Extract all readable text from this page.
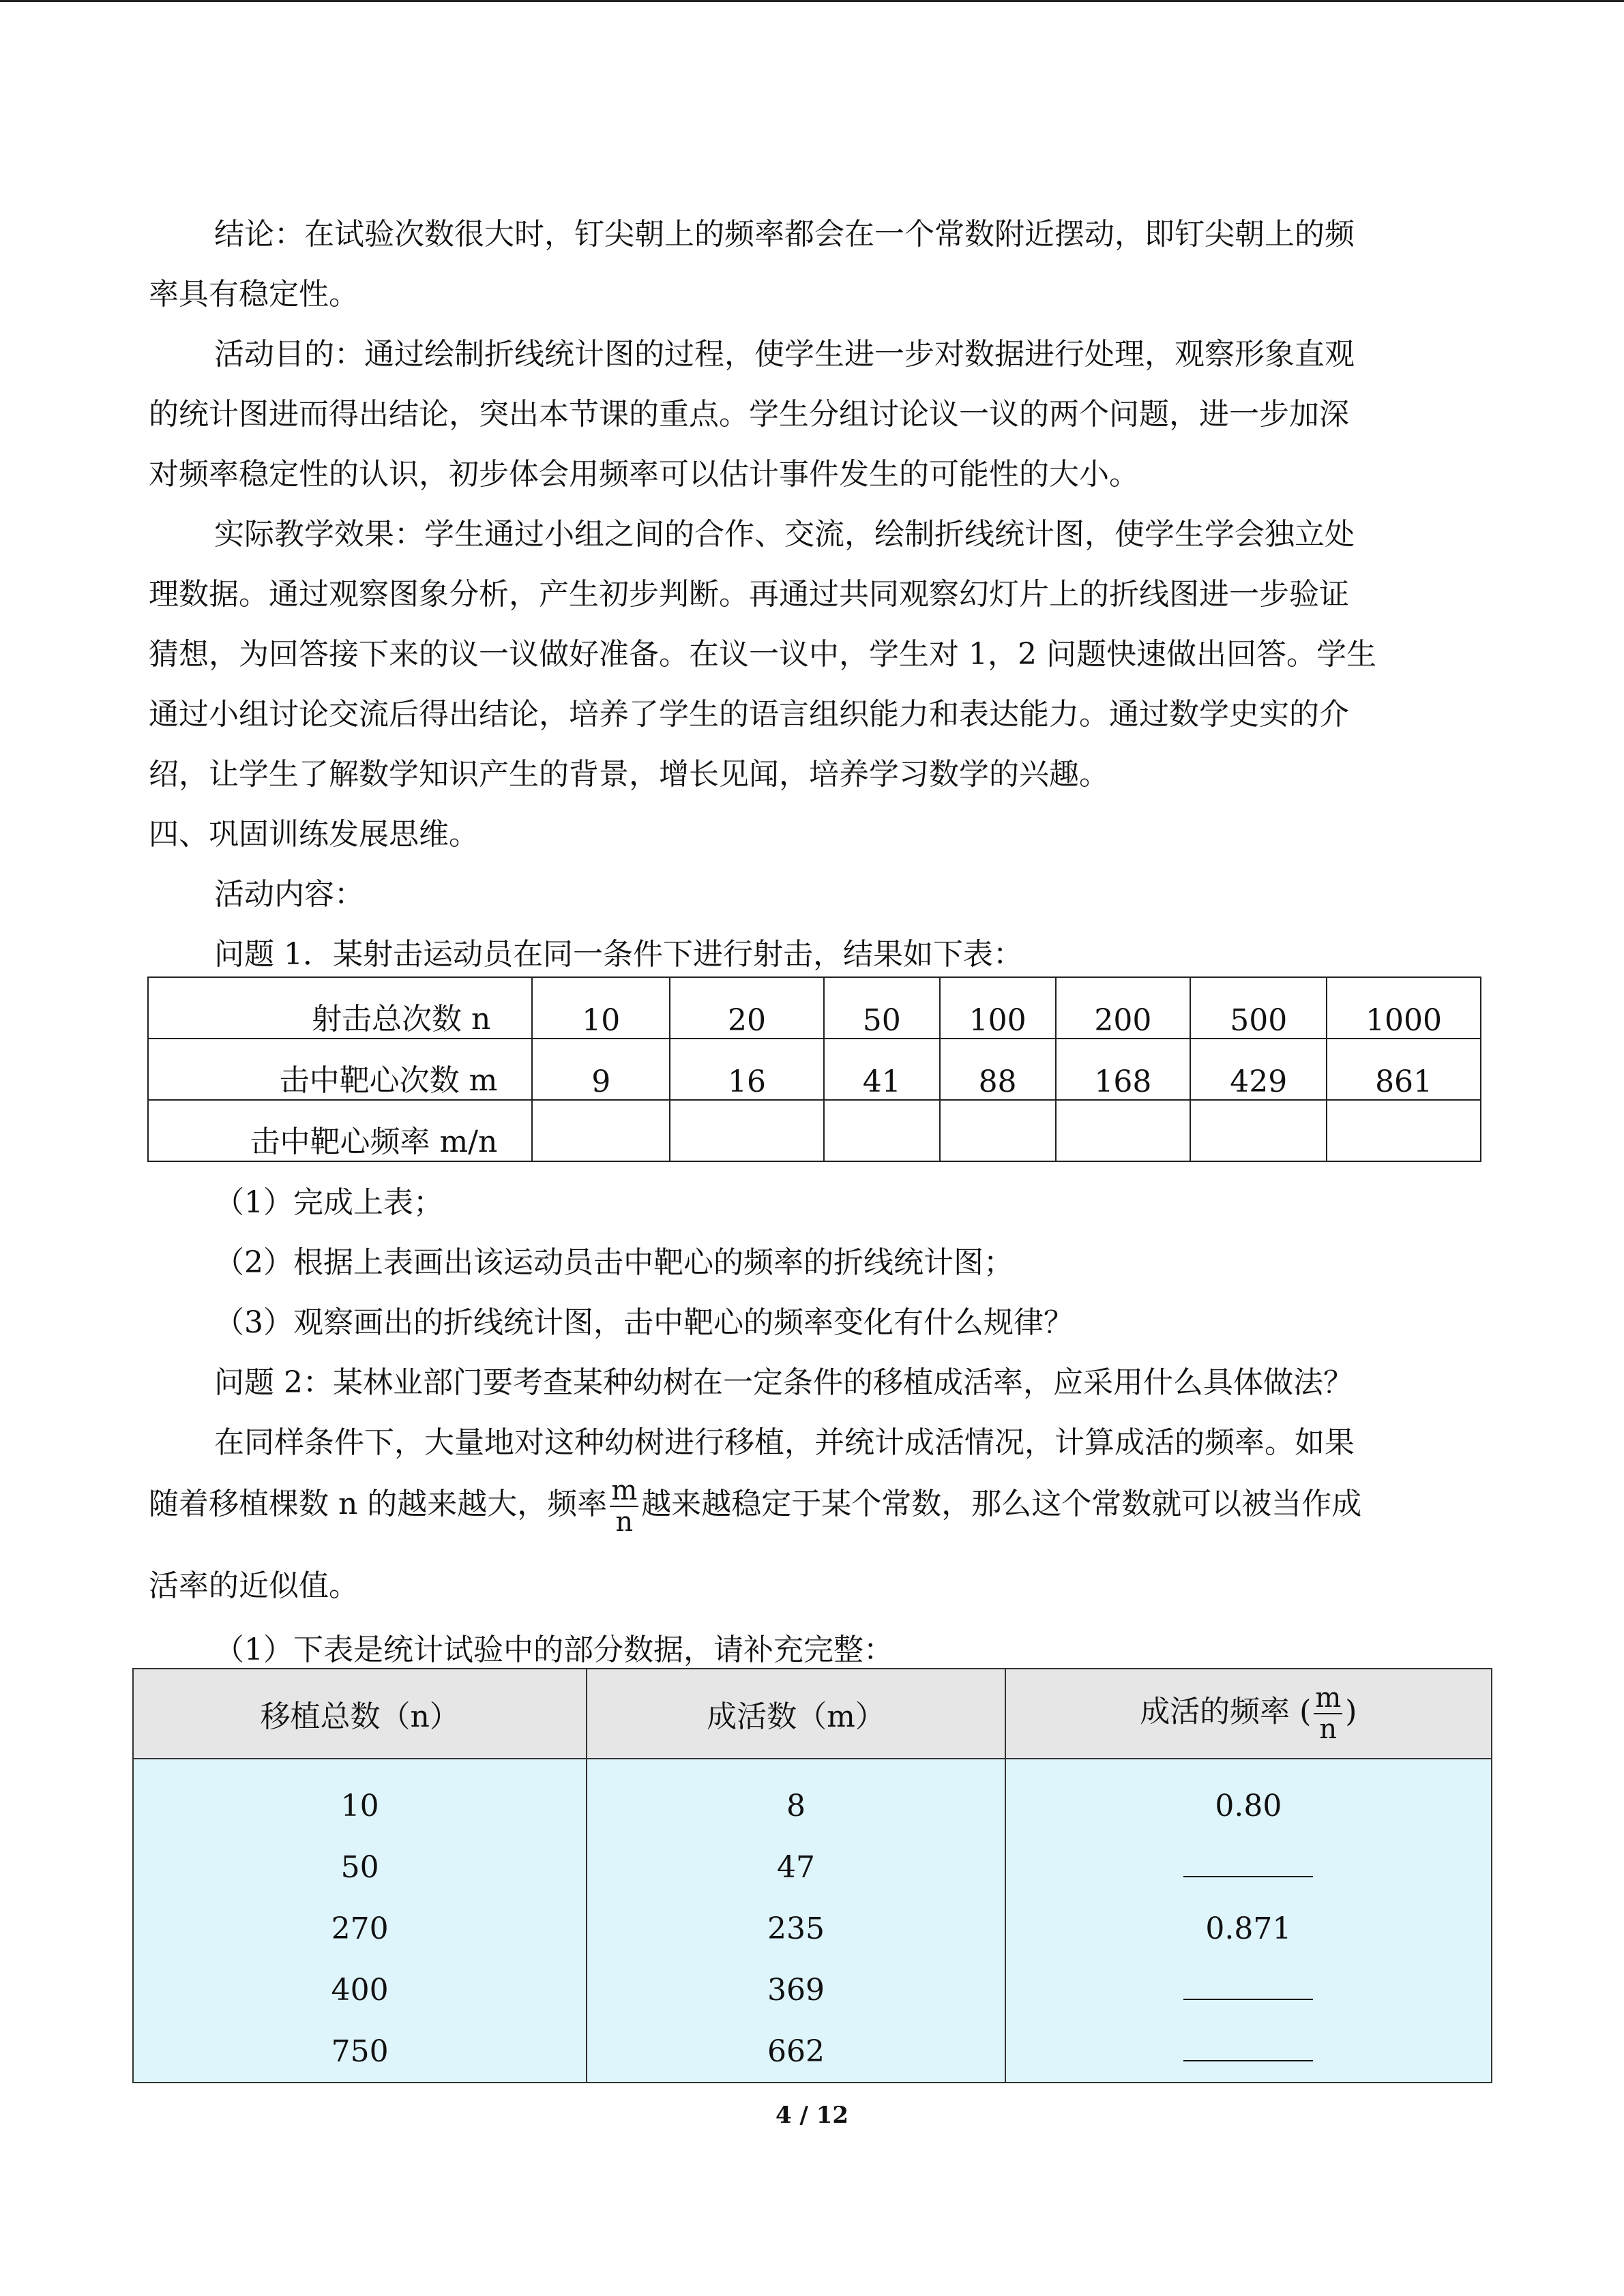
结论：在试验次数很大时，钉尖朝上的频率都会在一个常数附近摆动，即钉尖朝上的频

率具有稳定性。

活动目的：通过绘制折线统计图的过程，使学生进一步对数据进行处理，观察形象直观

的统计图进而得出结论，突出本节课的重点。学生分组讨论议一议的两个问题，进一步加深

对频率稳定性的认识，初步体会用频率可以估计事件发生的可能性的大小。

实际教学效果：学生通过小组之间的合作、交流，绘制折线统计图，使学生学会独立处

理数据。通过观察图象分析，产生初步判断。再通过共同观察幻灯片上的折线图进一步验证

猜想，为回答接下来的议一议做好准备。在议一议中，学生对 1，2 问题快速做出回答。学生

通过小组讨论交流后得出结论，培养了学生的语言组织能力和表达能力。通过数学史实的介

绍，让学生了解数学知识产生的背景，增长见闻，培养学习数学的兴趣。

四、巩固训练发展思维。

活动内容：

问题 1．某射击运动员在同一条件下进行射击，结果如下表：

射击总次数 n	10	20	50	100	200	500	1000
击中靶心次数 m	9	16	41	88	168	429	861
击中靶心频率 m/n							

（1）完成上表；

（2）根据上表画出该运动员击中靶心的频率的折线统计图；

（3）观察画出的折线统计图，击中靶心的频率变化有什么规律？

问题 2：某林业部门要考查某种幼树在一定条件的移植成活率，应采用什么具体做法？

在同样条件下，大量地对这种幼树进行移植，并统计成活情况，计算成活的频率。如果

随着移植棵数 n 的越来越大，频率 $\frac{m}{n}$ 越来越稳定于某个常数，那么这个常数就可以被当作成

活率的近似值。

（1）下表是统计试验中的部分数据，请补充完整：

移植总数（n）	成活数（m）	成活的频率 ( $\frac{m}{n}$ )
10	8	0.80
50	47	
270	235	0.871
400	369	
750	662	
4 / 12
